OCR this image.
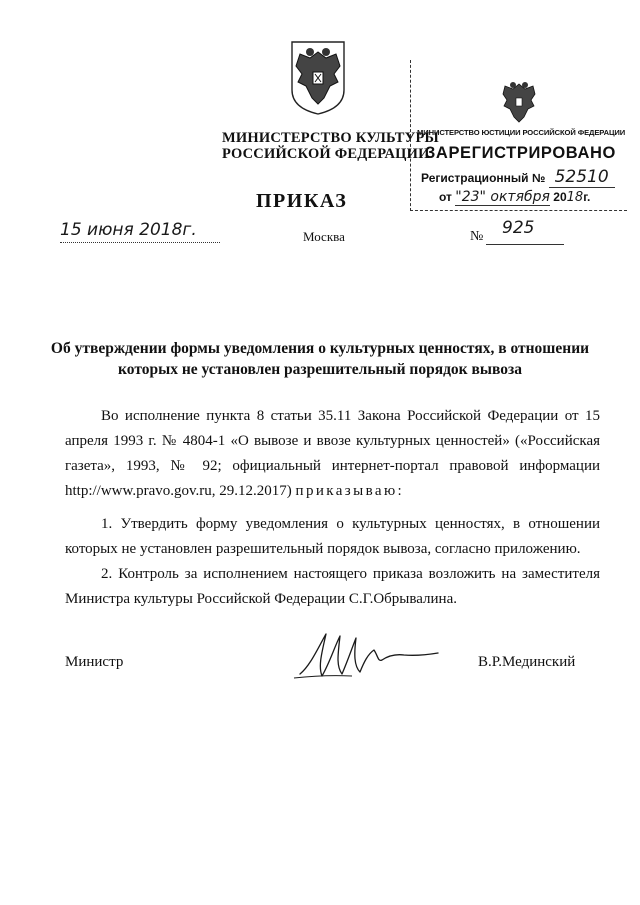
МИНИСТЕРСТВО КУЛЬТУРЫ
РОССИЙСКОЙ ФЕДЕРАЦИИ
МИНИСТЕРСТВО ЮСТИЦИИ РОССИЙСКОЙ ФЕДЕРАЦИИ
ЗАРЕГИСТРИРОВАНО
Регистрационный № 52510
от "23" октября 2018г.
ПРИКАЗ
15 июня 2018г.	Москва	№ 925
Об утверждении формы уведомления о культурных ценностях, в отношении которых не установлен разрешительный порядок вывоза
Во исполнение пункта 8 статьи 35.11 Закона Российской Федерации от 15 апреля 1993 г. № 4804-1 «О вывозе и ввозе культурных ценностей» («Российская газета», 1993, № 92; официальный интернет-портал правовой информации http://www.pravo.gov.ru, 29.12.2017) приказываю:
1. Утвердить форму уведомления о культурных ценностях, в отношении которых не установлен разрешительный порядок вывоза, согласно приложению.
2. Контроль за исполнением настоящего приказа возложить на заместителя Министра культуры Российской Федерации С.Г.Обрывалина.
Министр	В.Р.Мединский
